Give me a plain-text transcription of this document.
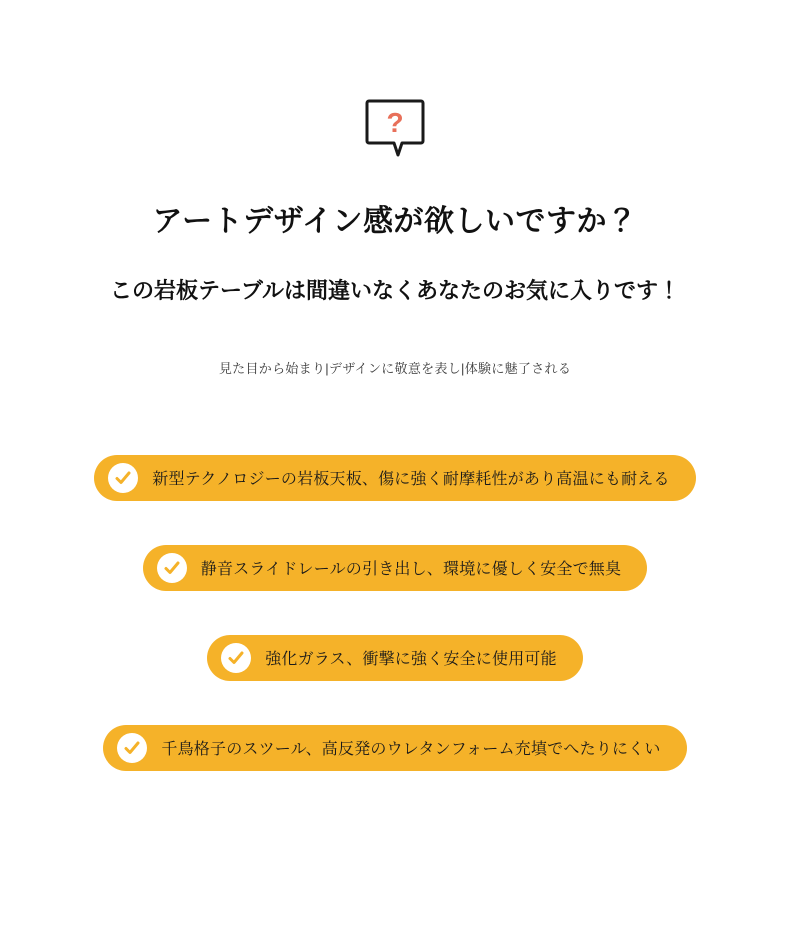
?
アートデザイン感が欲しいですか？
この岩板テーブルは間違いなくあなたのお気に入りです！
見た目から始まり|デザインに敬意を表し|体験に魅了される
新型テクノロジーの岩板天板、傷に強く耐摩耗性があり高温にも耐える
静音スライドレールの引き出し、環境に優しく安全で無臭
強化ガラス、衝撃に強く安全に使用可能
千鳥格子のスツール、高反発のウレタンフォーム充填でへたりにくい
